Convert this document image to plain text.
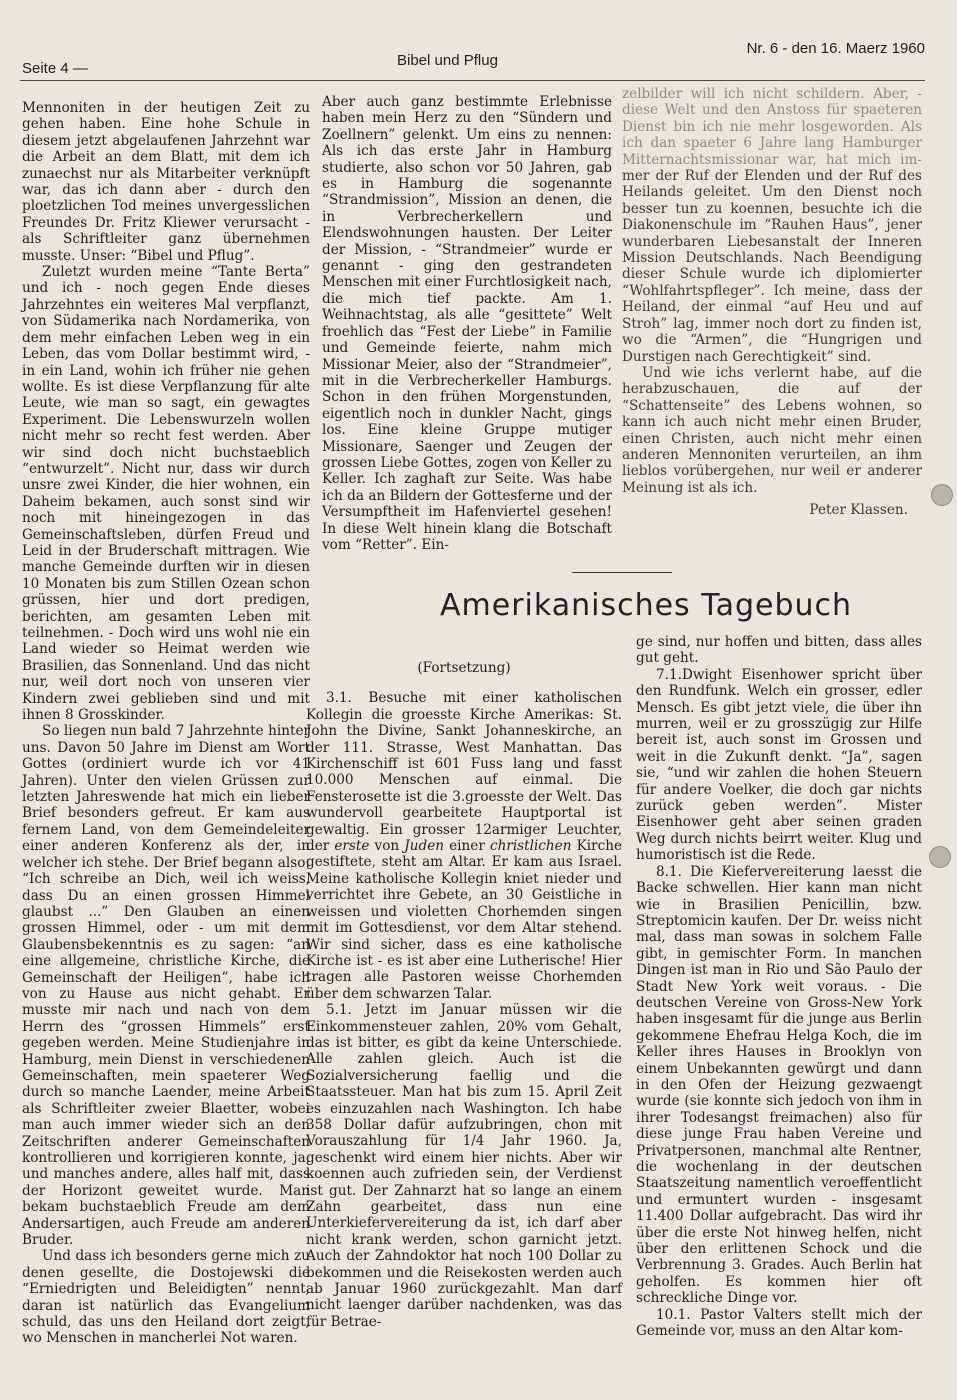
Seite 4 —	Bibel und Pflug
Nr. 6 - den 16. Maerz 1960

Mennoniten in der heutigen Zeit zu gehen haben. Eine hohe Schule in diesem jetzt abgelaufenen Jahrzehnt war die Arbeit an dem Blatt, mit dem ich zunaechst nur als Mitarbeiter verknüpft war, das ich dann aber - durch den ploetzlichen Tod meines unvergesslichen Freundes Dr. Fritz Kliewer verursacht - als Schriftleiter ganz übernehmen musste. Unser: “Bibel und Pflug”.

Zuletzt wurden meine “Tante Berta” und ich - noch gegen Ende dieses Jahrzehntes ein weiteres Mal verpflanzt, von Südamerika nach Nordamerika, von dem mehr einfachen Leben weg in ein Leben, das vom Dollar bestimmt wird, - in ein Land, wohin ich früher nie gehen wollte. Es ist diese Verpflanzung für alte Leute, wie man so sagt, ein gewagtes Experiment. Die Lebenswurzeln wollen nicht mehr so recht fest werden. Aber wir sind doch nicht buchstaeblich “entwurzelt”. Nicht nur, dass wir durch unsre zwei Kinder, die hier wohnen, ein Daheim bekamen, auch sonst sind wir noch mit hineingezogen in das Gemeinschaftsleben, dürfen Freud und Leid in der Bruderschaft mittragen. Wie manche Gemeinde durften wir in diesen 10 Monaten bis zum Stillen Ozean schon grüssen, hier und dort predigen, berichten, am gesamten Leben mit teilnehmen. - Doch wird uns wohl nie ein Land wieder so Heimat werden wie Brasilien, das Sonnenland. Und das nicht nur, weil dort noch von unseren vier Kindern zwei geblieben sind und mit ihnen 8 Grosskinder.

So liegen nun bald 7 Jahrzehnte hinter uns. Davon 50 Jahre im Dienst am Wort Gottes (ordiniert wurde ich vor 41 Jahren). Unter den vielen Grüssen zur letzten Jahreswende hat mich ein lieber Brief besonders gefreut. Er kam aus fernem Land, von dem Gemeindeleiter einer anderen Konferenz als der, in welcher ich stehe. Der Brief begann also: “Ich schreibe an Dich, weil ich weiss, dass Du an einen grossen Himmel glaubst ...” Den Glauben an einen grossen Himmel, oder - um mit dem Glaubensbekenntnis es zu sagen: “an eine allgemeine, christliche Kirche, die Gemeinschaft der Heiligen”, habe ich von zu Hause aus nicht gehabt. Er musste mir nach und nach von dem Herrn des “grossen Himmels” erst gegeben werden. Meine Studienjahre in Hamburg, mein Dienst in verschiedenen Gemeinschaften, mein spaeterer Weg durch so manche Laender, meine Arbeit als Schriftleiter zweier Blaetter, wobei man auch immer wieder sich an den Zeitschriften anderer Gemeinschaften kontrollieren und korrigieren konnte, ja, und manches andere, alles half mit, dass der Horizont geweitet wurde. Man bekam buchstaeblich Freude am dem Andersartigen, auch Freude am anderen Bruder.

Und dass ich besonders gerne mich zu denen gesellte, die Dostojewski die “Erniedrigten und Beleidigten” nennt, daran ist natürlich das Evangelium schuld, das uns den Heiland dort zeigt, wo Menschen in mancherlei Not waren.

Aber auch ganz bestimmte Erlebnisse haben mein Herz zu den “Sündern und Zoellnern” gelenkt. Um eins zu nennen: Als ich das erste Jahr in Hamburg studierte, also schon vor 50 Jahren, gab es in Hamburg die sogenannte “Strandmission”, Mission an denen, die in Verbrecherkellern und Elendswohnungen hausten. Der Leiter der Mission, - “Strandmeier” wurde er genannt - ging den gestrandeten Menschen mit einer Furchtlosigkeit nach, die mich tief packte. Am 1. Weihnachtstag, als alle “gesittete” Welt froehlich das “Fest der Liebe” in Familie und Gemeinde feierte, nahm mich Missionar Meier, also der “Strandmeier”, mit in die Verbrecherkeller Hamburgs. Schon in den frühen Morgenstunden, eigentlich noch in dunkler Nacht, gings los. Eine kleine Gruppe mutiger Missionare, Saenger und Zeugen der grossen Liebe Gottes, zogen von Keller zu Keller. Ich zaghaft zur Seite. Was habe ich da an Bildern der Gottesferne und der Versumpftheit im Hafenviertel gesehen! In diese Welt hinein klang die Botschaft vom “Retter”. Ein-

zelbilder will ich nicht schildern. Aber, - diese Welt und den Anstoss für spaeteren Dienst bin ich nie mehr losgeworden. Als ich dan spaeter 6 Jahre lang Hamburger Mitternachtsmissionar war, hat mich im- mer der Ruf der Elenden und der Ruf des Heilands geleitet. Um den Dienst noch besser tun zu koennen, besuchte ich die Diakonenschule im “Rauhen Haus”, jener wunderbaren Liebesanstalt der Inneren Mission Deutschlands. Nach Beendigung dieser Schule wurde ich diplomierter “Wohlfahrtspfleger”. Ich meine, dass der Heiland, der einmal “auf Heu und auf Stroh” lag, immer noch dort zu finden ist, wo die “Armen”, die “Hungrigen und Durstigen nach Gerechtigkeit” sind.

Und wie ichs verlernt habe, auf die herabzuschauen, die auf der “Schattenseite” des Lebens wohnen, so kann ich auch nicht mehr einen Bruder, einen Christen, auch nicht mehr einen anderen Mennoniten verurteilen, an ihm lieblos vorübergehen, nur weil er anderer Meinung ist als ich.

Peter Klassen.

Amerikanisches Tagebuch

(Fortsetzung)

3.1. Besuche mit einer katholischen Kollegin die groesste Kirche Amerikas: St. John the Divine, Sankt Johanneskirche, an der 111. Strasse, West Manhattan. Das Kirchenschiff ist 601 Fuss lang und fasst 10.000 Menschen auf einmal. Die Fensterosette ist die 3.groesste der Welt. Das wundervoll gearbeitete Hauptportal ist gewaltig. Ein grosser 12armiger Leuchter, der erste von Juden einer christlichen Kirche gestiftete, steht am Altar. Er kam aus Israel. Meine katholische Kollegin kniet nieder und verrichtet ihre Gebete, an 30 Geistliche in weissen und violetten Chorhemden singen mit im Gottesdienst, vor dem Altar stehend. Wir sind sicher, dass es eine katholische Kirche ist - es ist aber eine Lutherische! Hier tragen alle Pastoren weisse Chorhemden über dem schwarzen Talar.

5.1. Jetzt im Januar müssen wir die Einkommensteuer zahlen, 20% vom Gehalt, das ist bitter, es gibt da keine Unterschiede. Alle zahlen gleich. Auch ist die Sozialversicherung faellig und die Staatssteuer. Man hat bis zum 15. April Zeit es einzuzahlen nach Washington. Ich habe 358 Dollar dafür aufzubringen, chon mit Vorauszahlung für 1/4 Jahr 1960. Ja, geschenkt wird einem hier nichts. Aber wir koennen auch zufrieden sein, der Verdienst ist gut. Der Zahnarzt hat so lange an einem Zahn gearbeitet, dass nun eine Unterkiefervereiterung da ist, ich darf aber nicht krank werden, schon garnicht jetzt. Auch der Zahndoktor hat noch 100 Dollar zu bekommen und die Reisekosten werden auch ab Januar 1960 zurückgezahlt. Man darf nicht laenger darüber nachdenken, was das für Betrae-

ge sind, nur hoffen und bitten, dass alles gut geht.

7.1.Dwight Eisenhower spricht über den Rundfunk. Welch ein grosser, edler Mensch. Es gibt jetzt viele, die über ihn murren, weil er zu grosszügig zur Hilfe bereit ist, auch sonst im Grossen und weit in die Zukunft denkt. “Ja”, sagen sie, “und wir zahlen die hohen Steuern für andere Voelker, die doch gar nichts zurück geben werden”. Mister Eisenhower geht aber seinen graden Weg durch nichts beirrt weiter. Klug und humoristisch ist die Rede.

8.1. Die Kiefervereiterung laesst die Backe schwellen. Hier kann man nicht wie in Brasilien Penicillin, bzw. Streptomicin kaufen. Der Dr. weiss nicht mal, dass man sowas in solchem Falle gibt, in gemischter Form. In manchen Dingen ist man in Rio und São Paulo der Stadt New York weit voraus. - Die deutschen Vereine von Gross-New York haben insgesamt für die junge aus Berlin gekommene Ehefrau Helga Koch, die im Keller ihres Hauses in Brooklyn von einem Unbekannten gewürgt und dann in den Ofen der Heizung gezwaengt wurde (sie konnte sich jedoch von ihm in ihrer Todesangst freimachen) also für diese junge Frau haben Vereine und Privatpersonen, manchmal alte Rentner, die wochenlang in der deutschen Staatszeitung namentlich veroeffentlicht und ermuntert wurden - insgesamt 11.400 Dollar aufgebracht. Das wird ihr über die erste Not hinweg helfen, nicht über den erlittenen Schock und die Verbrennung 3. Grades. Auch Berlin hat geholfen. Es kommen hier oft schreckliche Dinge vor.

10.1. Pastor Valters stellt mich der Gemeinde vor, muss an den Altar kom-
